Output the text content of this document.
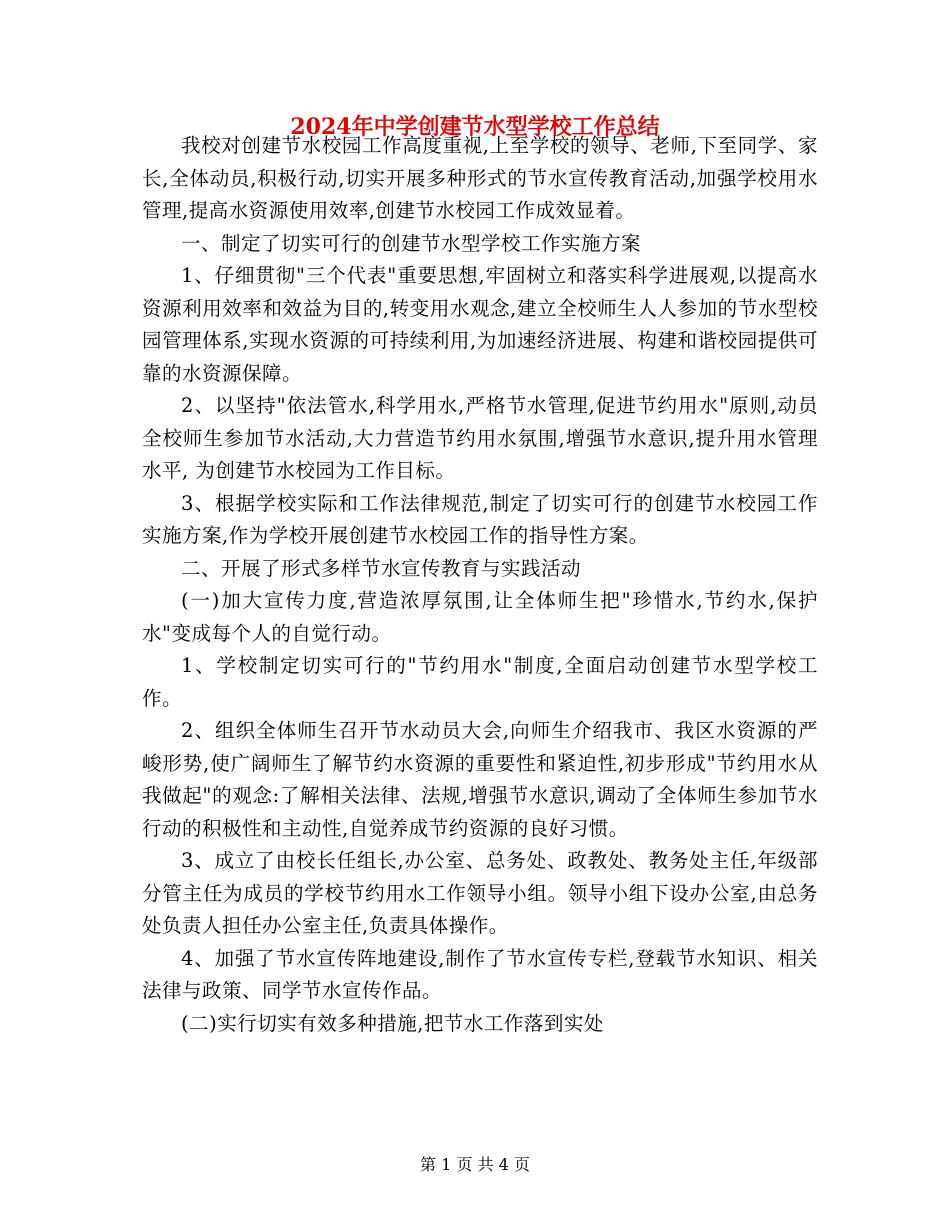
2024年中学创建节水型学校工作总结

我校对创建节水校园工作高度重视,上至学校的领导、老师,下至同学、家长,全体动员,积极行动,切实开展多种形式的节水宣传教育活动,加强学校用水管理,提高水资源使用效率,创建节水校园工作成效显着。

一、制定了切实可行的创建节水型学校工作实施方案

1、仔细贯彻"三个代表"重要思想,牢固树立和落实科学进展观,以提高水资源利用效率和效益为目的,转变用水观念,建立全校师生人人参加的节水型校园管理体系,实现水资源的可持续利用,为加速经济进展、构建和谐校园提供可靠的水资源保障。

2、以坚持"依法管水,科学用水,严格节水管理,促进节约用水"原则,动员全校师生参加节水活动,大力营造节约用水氛围,增强节水意识,提升用水管理水平, 为创建节水校园为工作目标。

3、根据学校实际和工作法律规范,制定了切实可行的创建节水校园工作实施方案,作为学校开展创建节水校园工作的指导性方案。

二、开展了形式多样节水宣传教育与实践活动

(一)加大宣传力度,营造浓厚氛围,让全体师生把"珍惜水,节约水,保护水"变成每个人的自觉行动。

1、学校制定切实可行的"节约用水"制度,全面启动创建节水型学校工作。

2、组织全体师生召开节水动员大会,向师生介绍我市、我区水资源的严峻形势,使广阔师生了解节约水资源的重要性和紧迫性,初步形成"节约用水从我做起"的观念:了解相关法律、法规,增强节水意识,调动了全体师生参加节水行动的积极性和主动性,自觉养成节约资源的良好习惯。

3、成立了由校长任组长,办公室、总务处、政教处、教务处主任,年级部分管主任为成员的学校节约用水工作领导小组。领导小组下设办公室,由总务处负责人担任办公室主任,负责具体操作。

4、加强了节水宣传阵地建设,制作了节水宣传专栏,登载节水知识、相关法律与政策、同学节水宣传作品。

(二)实行切实有效多种措施,把节水工作落到实处

第 1 页 共 4 页
